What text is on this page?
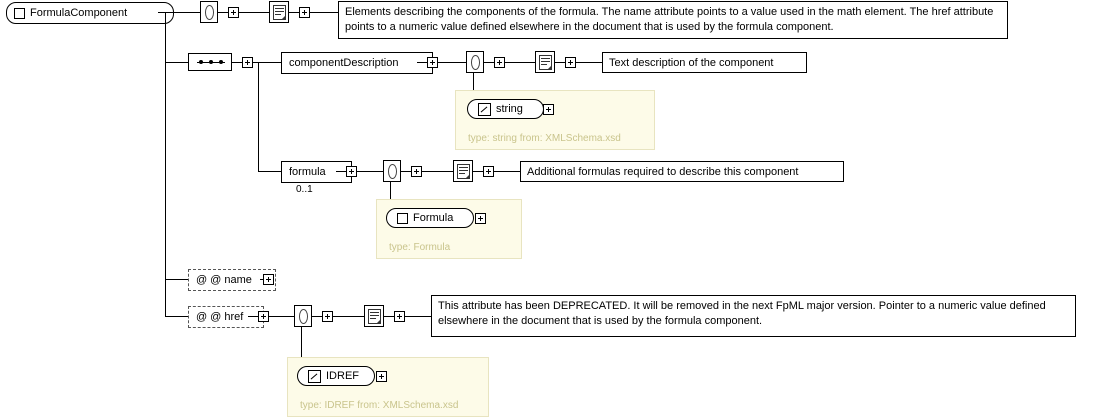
FormulaComponent	Elements describing the components of the formula. The name attribute points to a value used in the math element. The href attribute points to a numeric value defined elsewhere in the document that is used by the formula component.
componentDescription	Text description of the component
type: string from: XMLSchema.xsd
string
formula
0..1
Additional formulas required to describe this component
type: Formula
Formula
@ @ name
@ @ href
This attribute has been DEPRECATED. It will be removed in the next FpML major version. Pointer to a numeric value defined elsewhere in the document that is used by the formula component.
type: IDREF from: XMLSchema.xsd
IDREF
